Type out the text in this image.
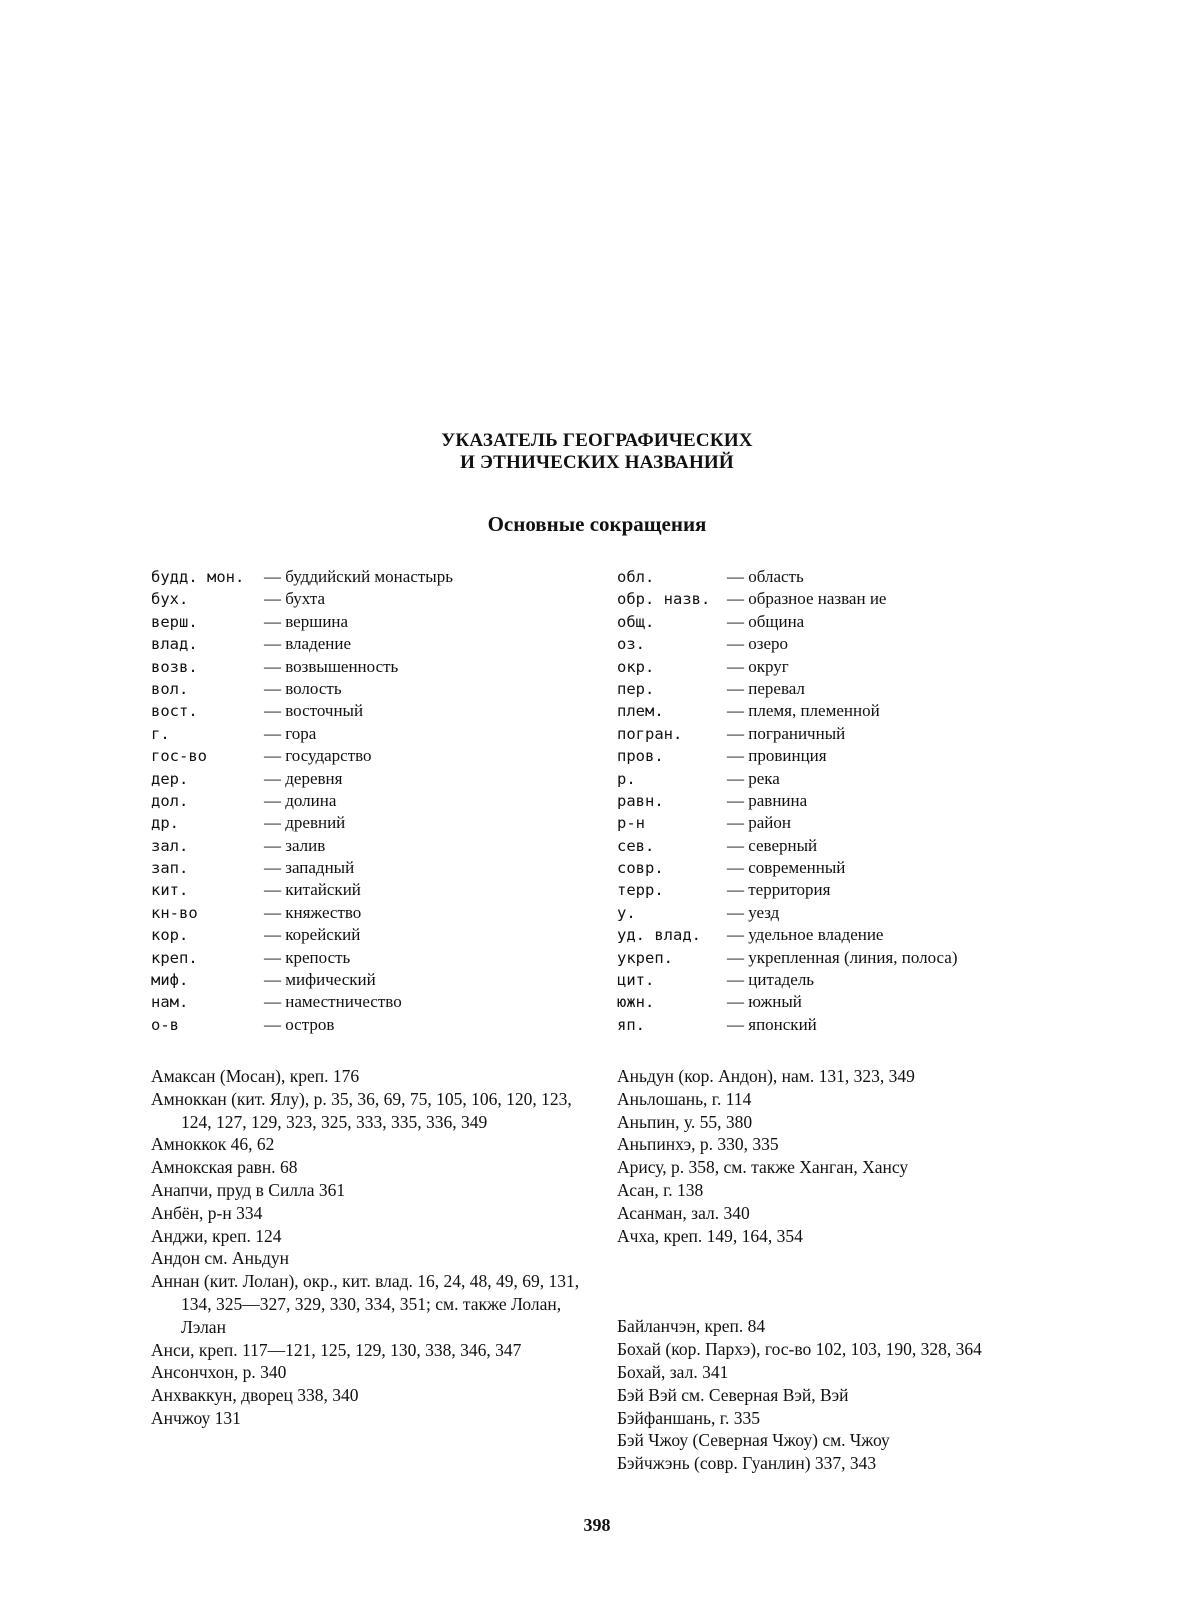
УКАЗАТЕЛЬ ГЕОГРАФИЧЕСКИХ
И ЭТНИЧЕСКИХ НАЗВАНИЙ
Основные сокращения
будд. мон. — буддийский монастырь
бух.	— бухта
верш.	— вершина
влад.	— владение
возв.	— возвышенность
вол.	— волость
вост.	— восточный
г.	— гора
гос-во	— государство
дер.	— деревня
дол.	— долина
др.	— древний
зал.	— залив
зап.	— западный
кит.	— китайский
кн-во	— княжество
кор.	— корейский
креп.	— крепость
миф.	— мифический
нам.	— наместничество
о-в	— остров
обл.	— область
обр. назв. — образное назван ие
общ.	— община
оз.	— озеро
окр.	— округ
пер.	— перевал
плем.	— племя, племенной
погран.	— пограничный
пров.	— провинция
р.	— река
равн.	— равнина
р-н	— район
сев.	— северный
совр.	— современный
терр.	— территория
у.	— уезд
уд. влад. — удельное владение
укреп.	— укрепленная (линия, полоса)
цит.	— цитадель
южн.	— южный
яп.	— японский
Амаксан (Мосан), креп. 176
Амноккан (кит. Ялу), р. 35, 36, 69, 75, 105, 106, 120, 123, 124, 127, 129, 323, 325, 333, 335, 336, 349
Амноккок 46, 62
Амнокская равн. 68
Анапчи, пруд в Силла 361
Анбён, р-н 334
Анджи, креп. 124
Андон см. Аньдун
Аннан (кит. Лолан), окр., кит. влад. 16, 24, 48, 49, 69, 131, 134, 325—327, 329, 330, 334, 351; см. также Лолан, Лэлан
Анси, креп. 117—121, 125, 129, 130, 338, 346, 347
Ансончхон, р. 340
Анхваккун, дворец 338, 340
Анчжоу 131
Аньдун (кор. Андон), нам. 131, 323, 349
Аньлошань, г. 114
Аньпин, у. 55, 380
Аньпинхэ, р. 330, 335
Арису, р. 358, см. также Ханган, Хансу
Асан, г. 138
Асанман, зал. 340
Ачха, креп. 149, 164, 354
Байланчэн, креп. 84
Бохай (кор. Пархэ), гос-во 102, 103, 190, 328, 364
Бохай, зал. 341
Бэй Вэй см. Северная Вэй, Вэй
Бэйфаншань, г. 335
Бэй Чжоу (Северная Чжоу) см. Чжоу
Бэйчжэнь (совр. Гуанлин) 337, 343
398
